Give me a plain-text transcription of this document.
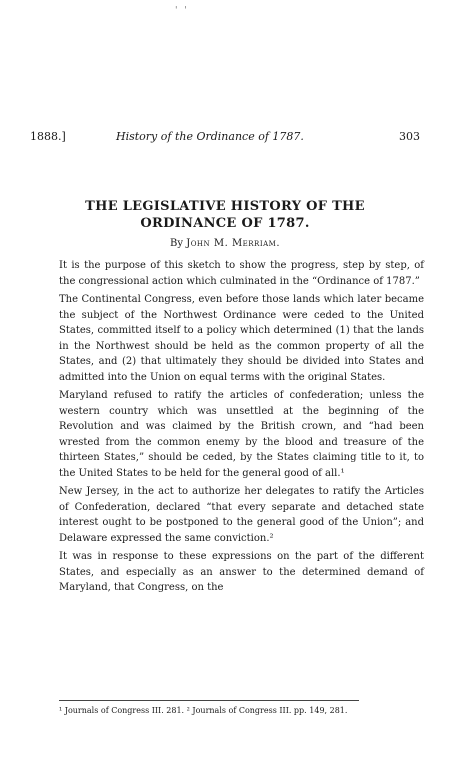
' '
1888.]	History of the Ordinance of 1787.	303
THE LEGISLATIVE HISTORY OF THE ORDINANCE OF 1787.
By John M. Merriam.

It is the purpose of this sketch to show the progress, step by step, of the congressional action which culminated in the “Ordinance of 1787.”

The Continental Congress, even before those lands which later became the subject of the Northwest Ordinance were ceded to the United States, committed itself to a policy which determined (1) that the lands in the Northwest should be held as the common property of all the States, and (2) that ultimately they should be divided into States and admitted into the Union on equal terms with the original States.

Maryland refused to ratify the articles of confederation; unless the western country which was unsettled at the beginning of the Revolution and was claimed by the British crown, and “had been wrested from the common enemy by the blood and treasure of the thirteen States,” should be ceded, by the States claiming title to it, to the United States to be held for the general good of all.¹

New Jersey, in the act to authorize her delegates to ratify the Articles of Confederation, declared “that every separate and detached state interest ought to be postponed to the general good of the Union”; and Delaware expressed the same conviction.²

It was in response to these expressions on the part of the different States, and especially as an answer to the determined demand of Maryland, that Congress, on the

¹ Journals of Congress III. 281. ² Journals of Congress III. pp. 149, 281.
